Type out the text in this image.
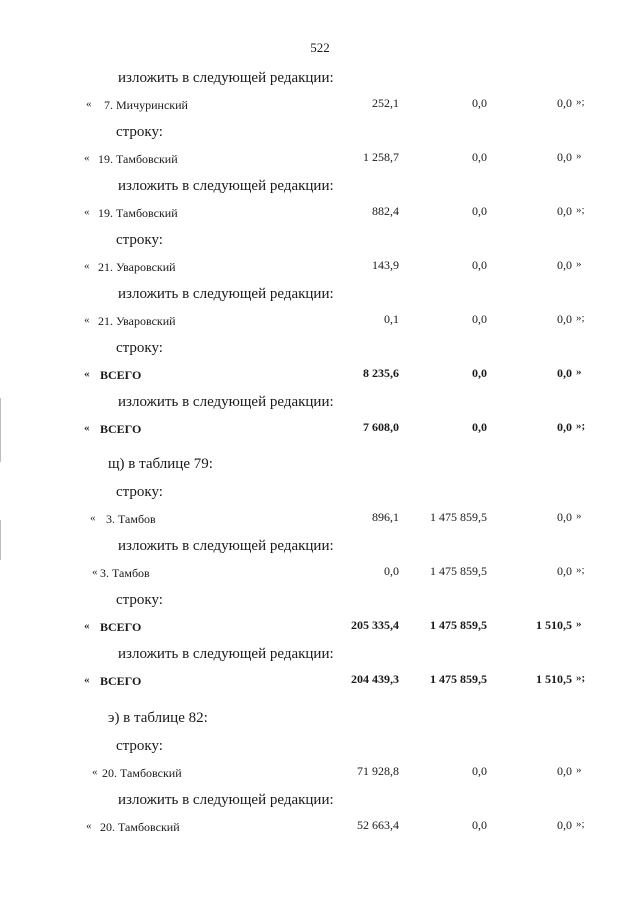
522
изложить в следующей редакции:
« 7. Мичуринский	252,1	0,0	0,0 »;
строку:
« 19. Тамбовский	1 258,7	0,0	0,0 »
изложить в следующей редакции:
« 19. Тамбовский	882,4	0,0	0,0 »;
строку:
« 21. Уваровский	143,9	0,0	0,0 »
изложить в следующей редакции:
« 21. Уваровский	0,1	0,0	0,0 »;
строку:
« ВСЕГО	8 235,6	0,0	0,0 »
изложить в следующей редакции:
« ВСЕГО	7 608,0	0,0	0,0 »;
щ) в таблице 79:
строку:
« 3. Тамбов	896,1	1 475 859,5	0,0 »
изложить в следующей редакции:
« 3. Тамбов	0,0	1 475 859,5	0,0 »;
строку:
« ВСЕГО	205 335,4	1 475 859,5	1 510,5 »
изложить в следующей редакции:
« ВСЕГО	204 439,3	1 475 859,5	1 510,5 »;
э) в таблице 82:
строку:
« 20. Тамбовский	71 928,8	0,0	0,0 »
изложить в следующей редакции:
« 20. Тамбовский	52 663,4	0,0	0,0 »;
